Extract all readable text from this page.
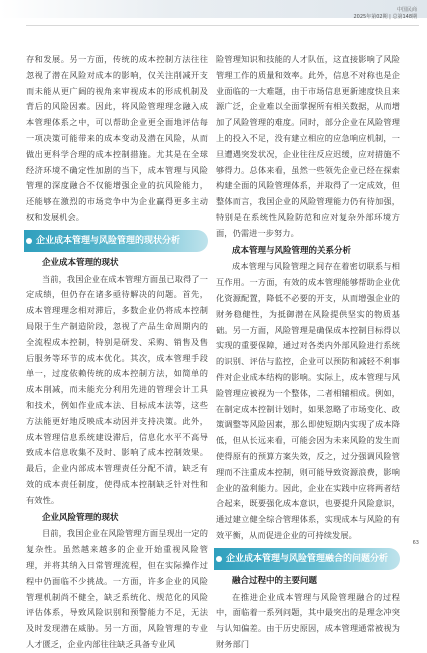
中国民商
2025年第02期 | 总第148期

存和发展。另一方面，传统的成本控制方法往往忽视了潜在风险对成本的影响，仅关注削减开支而未能从更广阔的视角来审视成本的形成机制及背后的风险因素。因此，将风险管理理念融入成本管理体系之中，可以帮助企业更全面地评估每一项决策可能带来的成本变动及潜在风险，从而做出更科学合理的成本控制措施。尤其是在全球经济环境不确定性加剧的当下，成本管理与风险管理的深度融合不仅能增强企业的抗风险能力，还能够在激烈的市场竞争中为企业赢得更多主动权和发展机会。

企业成本管理与风险管理的现状分析

企业成本管理的现状

当前，我国企业在成本管理方面虽已取得了一定成绩，但仍存在诸多亟待解决的问题。首先，成本管理理念相对滞后，多数企业仍将成本控制局限于生产制造阶段，忽视了产品生命周期内的全流程成本控制，特别是研发、采购、销售及售后服务等环节的成本优化。其次，成本管理手段单一，过度依赖传统的成本控制方法，如简单的成本削减，而未能充分利用先进的管理会计工具和技术，例如作业成本法、目标成本法等，这些方法能更好地反映成本动因并支持决策。此外，成本管理信息系统建设滞后，信息化水平不高导致成本信息收集不及时、影响了成本控制效果。最后，企业内部成本管理责任分配不清，缺乏有效的成本责任制度，使得成本控制缺乏针对性和有效性。

企业风险管理的现状

目前，我国企业在风险管理方面呈现出一定的复杂性。虽然越来越多的企业开始重视风险管理，并将其纳入日常管理流程，但在实际操作过程中仍面临不少挑战。一方面，许多企业的风险管理机制尚不健全，缺乏系统化、规范化的风险评估体系，导致风险识别和预警能力不足，无法及时发现潜在威胁。另一方面，风险管理的专业人才匮乏，企业内部往往缺乏具备专业风

险管理知识和技能的人才队伍，这直接影响了风险管理工作的质量和效率。此外，信息不对称也是企业面临的一大难题，由于市场信息更新速度快且来源广泛，企业难以全面掌握所有相关数据，从而增加了风险管理的难度。同时，部分企业在风险管理上的投入不足，没有建立相应的应急响应机制，一旦遭遇突发状况，企业往往反应迟缓，应对措施不够得力。总体来看，虽然一些领先企业已经在探索构建全面的风险管理体系，并取得了一定成效，但整体而言，我国企业的风险管理能力仍有待加强，特别是在系统性风险防范和应对复杂外部环境方面，仍需进一步努力。

成本管理与风险管理的关系分析

成本管理与风险管理之间存在着密切联系与相互作用。一方面，有效的成本管理能够帮助企业优化资源配置，降低不必要的开支，从而增强企业的财务稳健性，为抵御潜在风险提供坚实的物质基础。另一方面，风险管理是确保成本控制目标得以实现的重要保障，通过对各类内外部风险进行系统的识别、评估与监控，企业可以预防和减轻不利事件对企业成本结构的影响。实际上，成本管理与风险管理应被视为一个整体，二者相辅相成。例如，在制定成本控制计划时，如果忽略了市场变化、政策调整等风险因素，那么即使短期内实现了成本降低，但从长远来看，可能会因为未来风险的发生而使得原有的预算方案失效，反之，过分强调风险管理而不注重成本控制，则可能导致资源浪费，影响企业的盈利能力。因此，企业在实践中应将两者结合起来，既要强化成本意识，也要提升风险意识，通过建立健全综合管理体系，实现成本与风险的有效平衡，从而促进企业的可持续发展。

企业成本管理与风险管理融合的问题分析

融合过程中的主要问题

在推进企业成本管理与风险管理融合的过程中，面临着一系列问题，其中最突出的是理念冲突与认知偏差。由于历史原因，成本管理通常被视为财务部门

63
